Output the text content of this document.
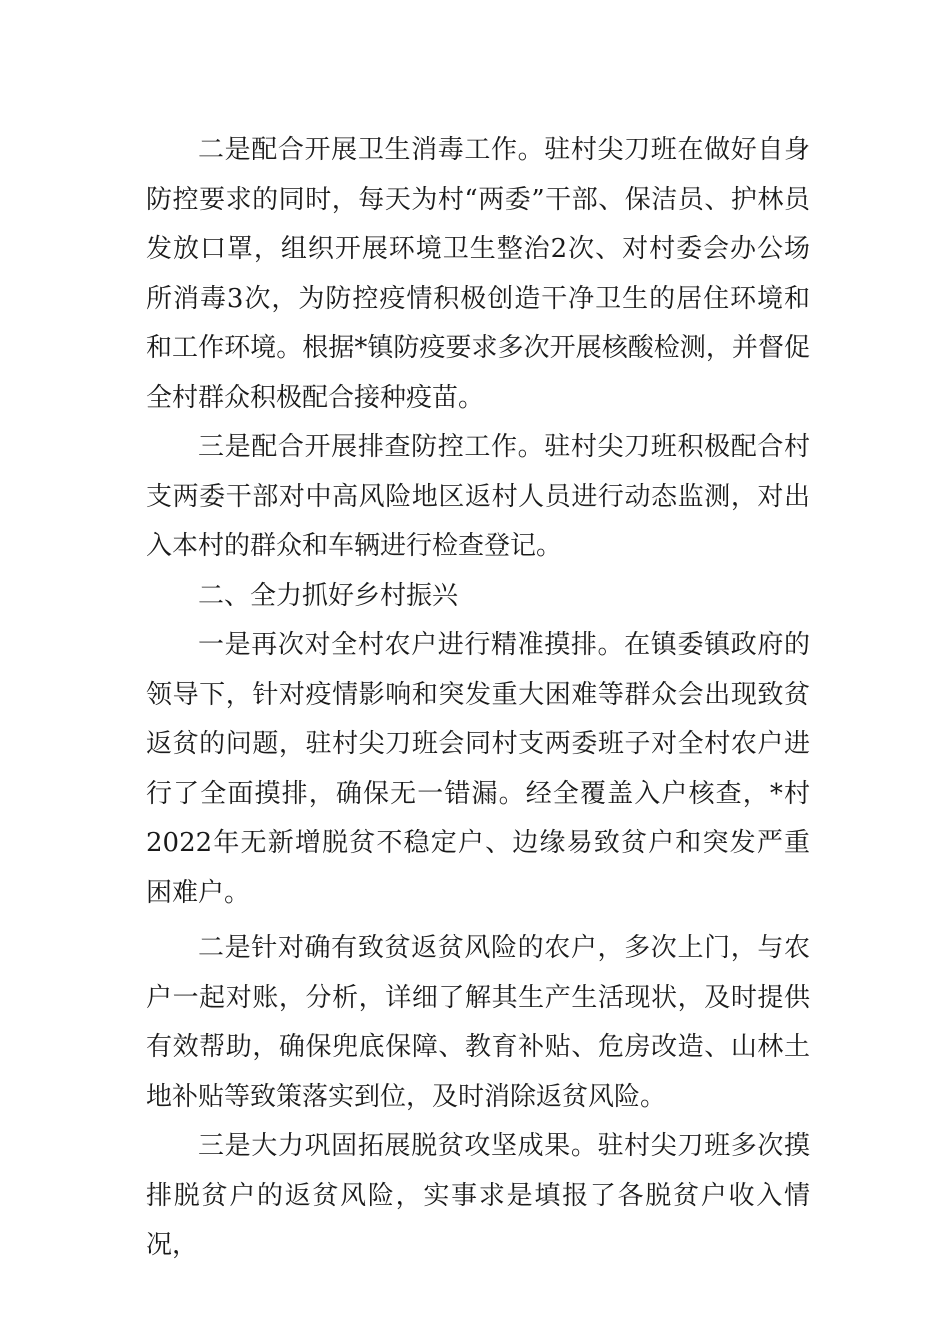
二是配合开展卫生消毒工作。驻村尖刀班在做好自身防控要求的同时，每天为村“两委”干部、保洁员、护林员发放口罩，组织开展环境卫生整治2次、对村委会办公场所消毒3次，为防控疫情积极创造干净卫生的居住环境和和工作环境。根据*镇防疫要求多次开展核酸检测，并督促全村群众积极配合接种疫苗。

三是配合开展排查防控工作。驻村尖刀班积极配合村支两委干部对中高风险地区返村人员进行动态监测，对出入本村的群众和车辆进行检查登记。

二、全力抓好乡村振兴

一是再次对全村农户进行精准摸排。在镇委镇政府的领导下，针对疫情影响和突发重大困难等群众会出现致贫返贫的问题，驻村尖刀班会同村支两委班子对全村农户进行了全面摸排，确保无一错漏。经全覆盖入户核查，*村2022年无新增脱贫不稳定户、边缘易致贫户和突发严重困难户。

二是针对确有致贫返贫风险的农户，多次上门，与农户一起对账，分析，详细了解其生产生活现状，及时提供有效帮助，确保兜底保障、教育补贴、危房改造、山林土地补贴等致策落实到位，及时消除返贫风险。

三是大力巩固拓展脱贫攻坚成果。驻村尖刀班多次摸排脱贫户的返贫风险，实事求是填报了各脱贫户收入情况，
